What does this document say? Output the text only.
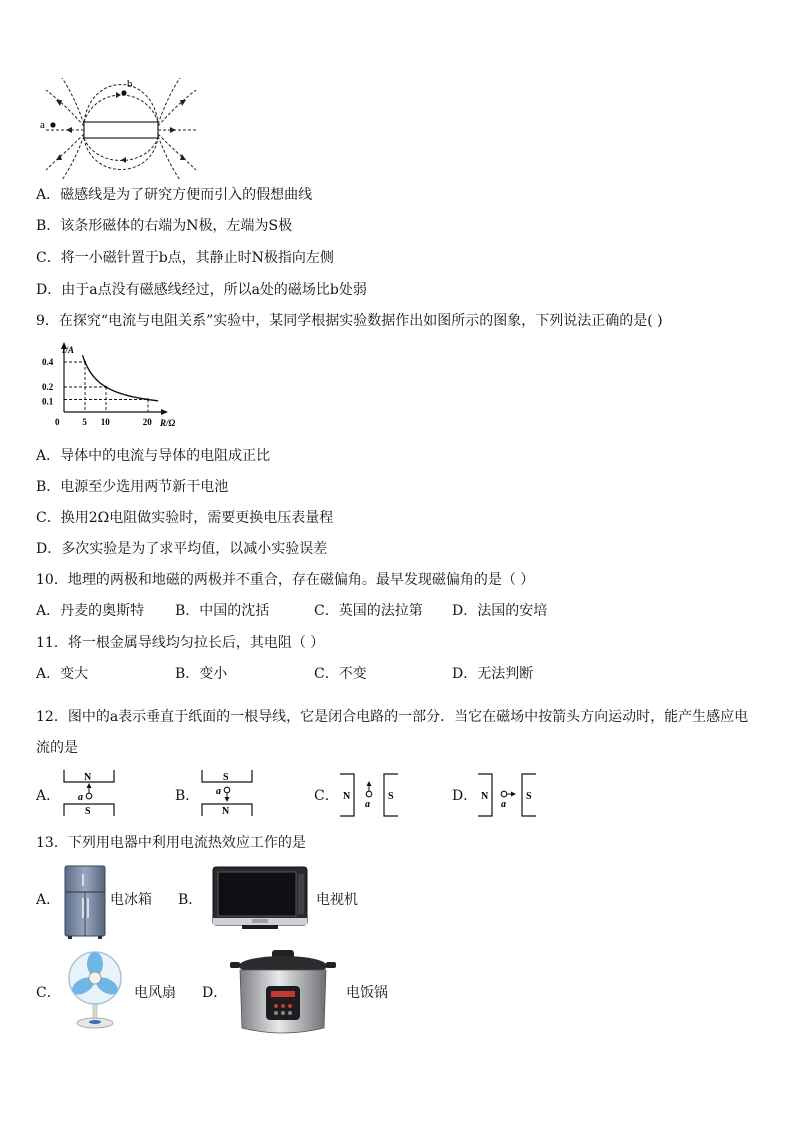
a
b
A．磁感线是为了研究方便而引入的假想曲线
B．该条形磁体的右端为N极，左端为S极
C．将一小磁针置于b点，其静止时N极指向左侧
D．由于a点没有磁感线经过，所以a处的磁场比b处弱
9．在探究“电流与电阻关系”实验中，某同学根据实验数据作出如图所示的图象，下列说法正确的是( )
I/A
R/Ω
0	5 10	20
0.4
0.2
0.1
A．导体中的电流与导体的电阻成正比
B．电源至少选用两节新干电池
C．换用2Ω电阻做实验时，需要更换电压表量程
D．多次实验是为了求平均值，以减小实验误差
10．地理的两极和地磁的两极并不重合，存在磁偏角。最早发现磁偏角的是（ ）
A．丹麦的奥斯特 B．中国的沈括	C．英国的法拉第 D．法国的安培
11．将一根金属导线均匀拉长后，其电阻（ ）
A．变大	B．变小	C．不变	D．无法判断
12．图中的a表示垂直于纸面的一根导线，它是闭合电路的一部分．当它在磁场中按箭头方向运动时，能产生感应电
流的是
A．
N
S
a	B．
S
N
a	C． N	S
a
D． N	S
a
13．下列用电器中利用电流热效应工作的是
A．	电冰箱 B．	电视机
C．	电风扇 D．	电饭锅
